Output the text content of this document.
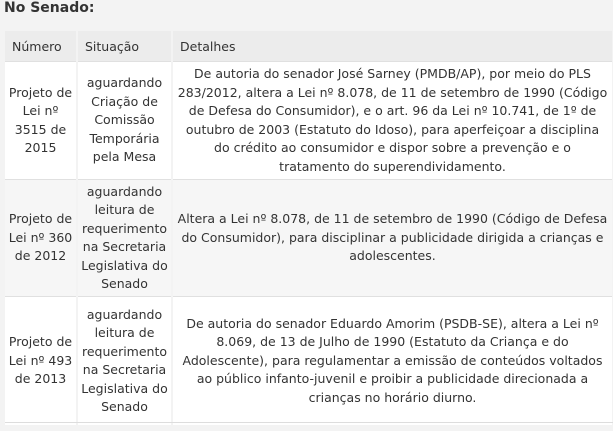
No Senado:
Número	Situação	Detalhes
Projeto de Lei nº 3515 de 2015	aguardando Criação de Comissão Temporária pela Mesa	De autoria do senador José Sarney (PMDB/AP), por meio do PLS 283/2012, altera a Lei nº 8.078, de 11 de setembro de 1990 (Código de Defesa do Consumidor), e o art. 96 da Lei nº 10.741, de 1º de outubro de 2003 (Estatuto do Idoso), para aperfeiçoar a disciplina do crédito ao consumidor e dispor sobre a prevenção e o tratamento do superendividamento.
Projeto de Lei nº 360 de 2012	aguardando leitura de requerimento na Secretaria Legislativa do Senado	Altera a Lei nº 8.078, de 11 de setembro de 1990 (Código de Defesa do Consumidor), para disciplinar a publicidade dirigida a crianças e adolescentes.
Projeto de Lei nº 493 de 2013	aguardando leitura de requerimento na Secretaria Legislativa do Senado	De autoria do senador Eduardo Amorim (PSDB-SE), altera a Lei nº 8.069, de 13 de Julho de 1990 (Estatuto da Criança e do Adolescente), para regulamentar a emissão de conteúdos voltados ao público infanto-juvenil e proibir a publicidade direcionada a crianças no horário diurno.
